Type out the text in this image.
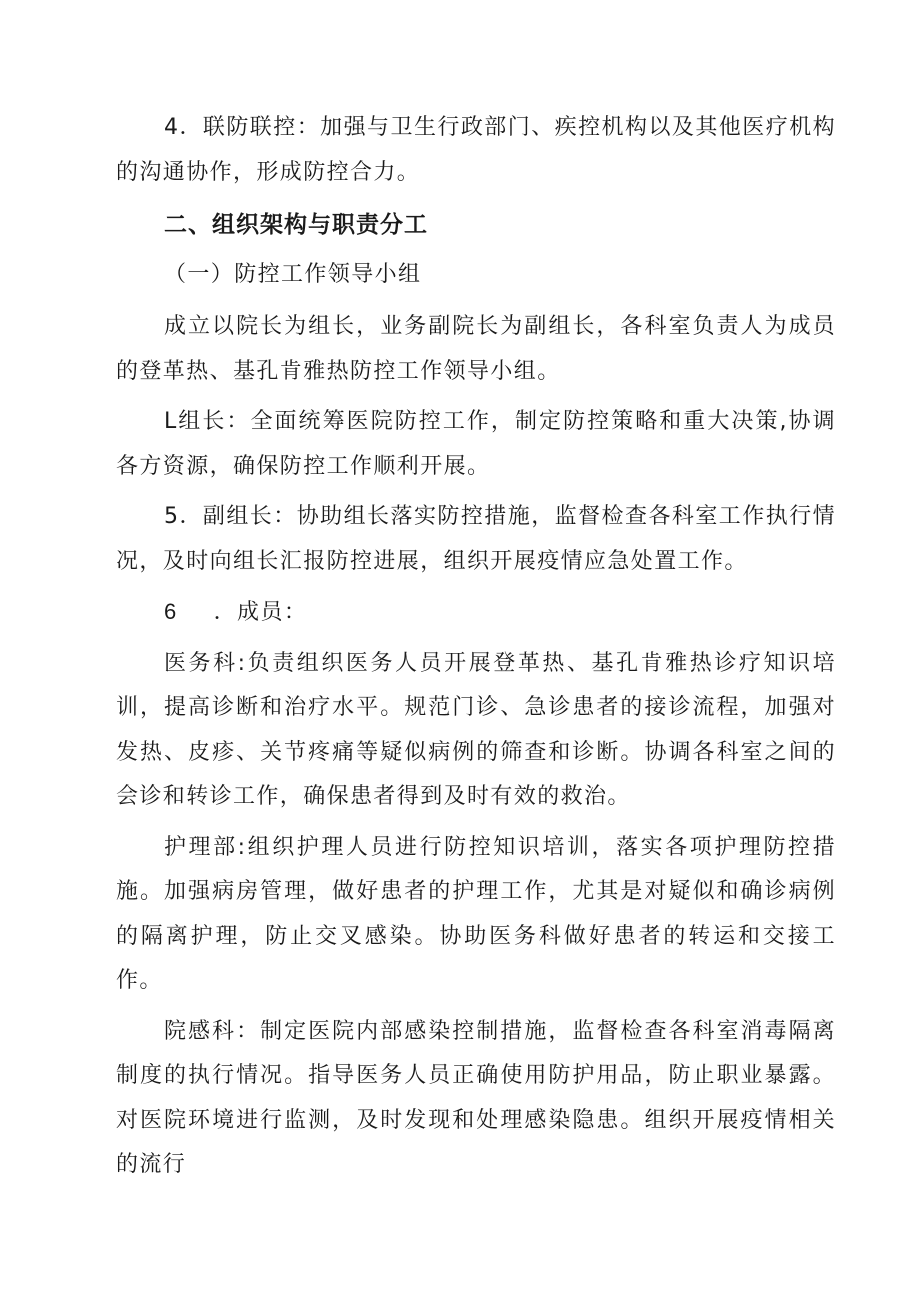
4．联防联控：加强与卫生行政部门、疾控机构以及其他医疗机构的沟通协作，形成防控合力。

二、组织架构与职责分工

（一）防控工作领导小组

成立以院长为组长，业务副院长为副组长，各科室负责人为成员的登革热、基孔肯雅热防控工作领导小组。

L组长：全面统筹医院防控工作，制定防控策略和重大决策,协调各方资源，确保防控工作顺利开展。

5．副组长：协助组长落实防控措施，监督检查各科室工作执行情况，及时向组长汇报防控进展，组织开展疫情应急处置工作。

6 ．成员：

医务科:负责组织医务人员开展登革热、基孔肯雅热诊疗知识培训，提高诊断和治疗水平。规范门诊、急诊患者的接诊流程，加强对发热、皮疹、关节疼痛等疑似病例的筛查和诊断。协调各科室之间的会诊和转诊工作，确保患者得到及时有效的救治。

护理部:组织护理人员进行防控知识培训，落实各项护理防控措施。加强病房管理，做好患者的护理工作，尤其是对疑似和确诊病例的隔离护理，防止交叉感染。协助医务科做好患者的转运和交接工作。

院感科：制定医院内部感染控制措施，监督检查各科室消毒隔离制度的执行情况。指导医务人员正确使用防护用品，防止职业暴露。对医院环境进行监测，及时发现和处理感染隐患。组织开展疫情相关的流行
